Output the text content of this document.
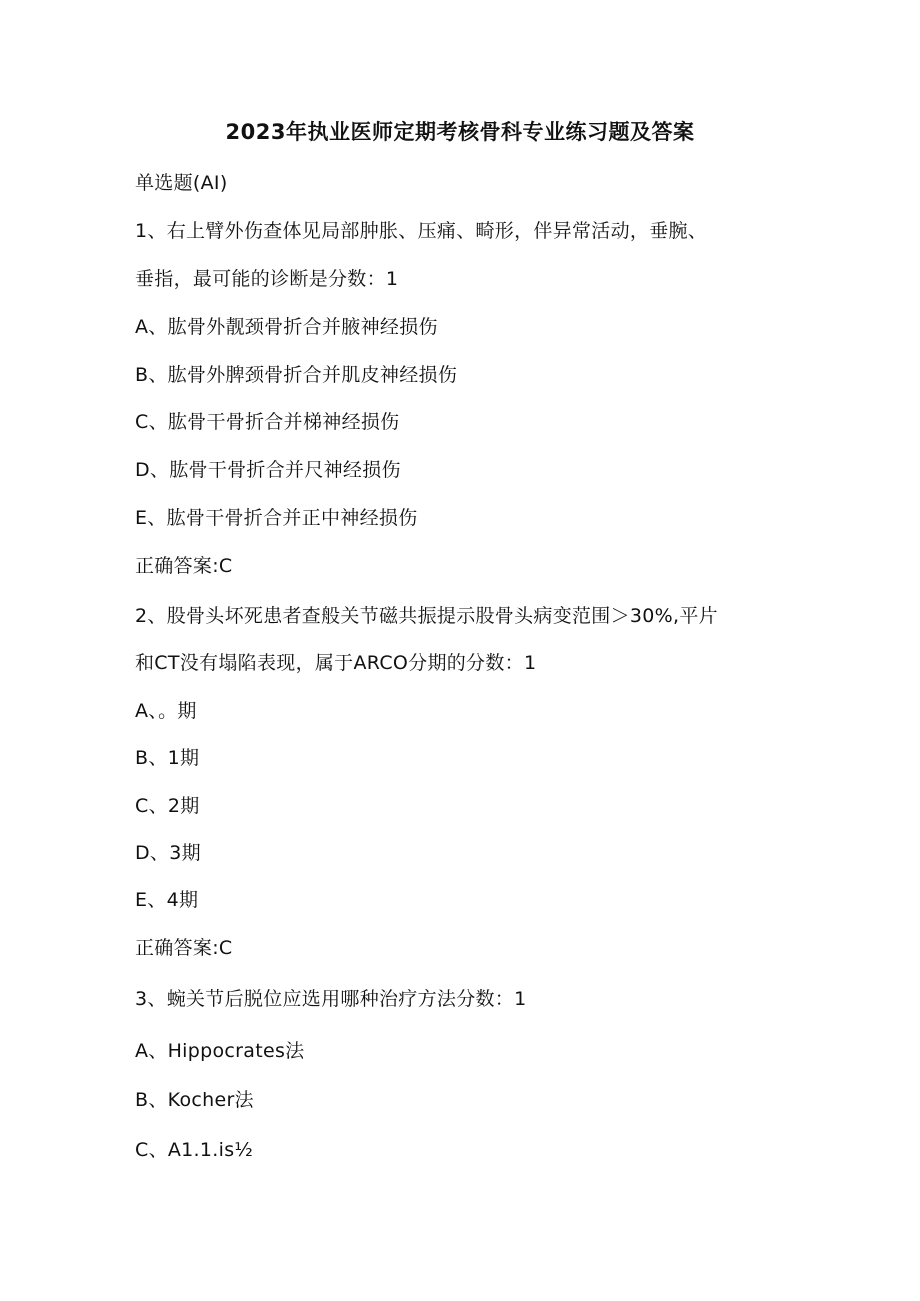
2023年执业医师定期考核骨科专业练习题及答案
单选题(AI)
1、右上臂外伤查体见局部肿胀、压痛、畸形，伴异常活动，垂腕、
垂指，最可能的诊断是分数：1
A、肱骨外靓颈骨折合并腋神经损伤
B、肱骨外脾颈骨折合并肌皮神经损伤
C、肱骨干骨折合并梯神经损伤
D、肱骨干骨折合并尺神经损伤
E、肱骨干骨折合并正中神经损伤
正确答案:C
2、股骨头坏死患者查般关节磁共振提示股骨头病变范围＞30%,平片
和CT没有塌陷表现，属于ARCO分期的分数：1
A、。期
B、1期
C、2期
D、3期
E、4期
正确答案:C
3、蜿关节后脱位应选用哪种治疗方法分数：1
A、Hippocrates法
B、Kocher法
C、A1.1.is½
